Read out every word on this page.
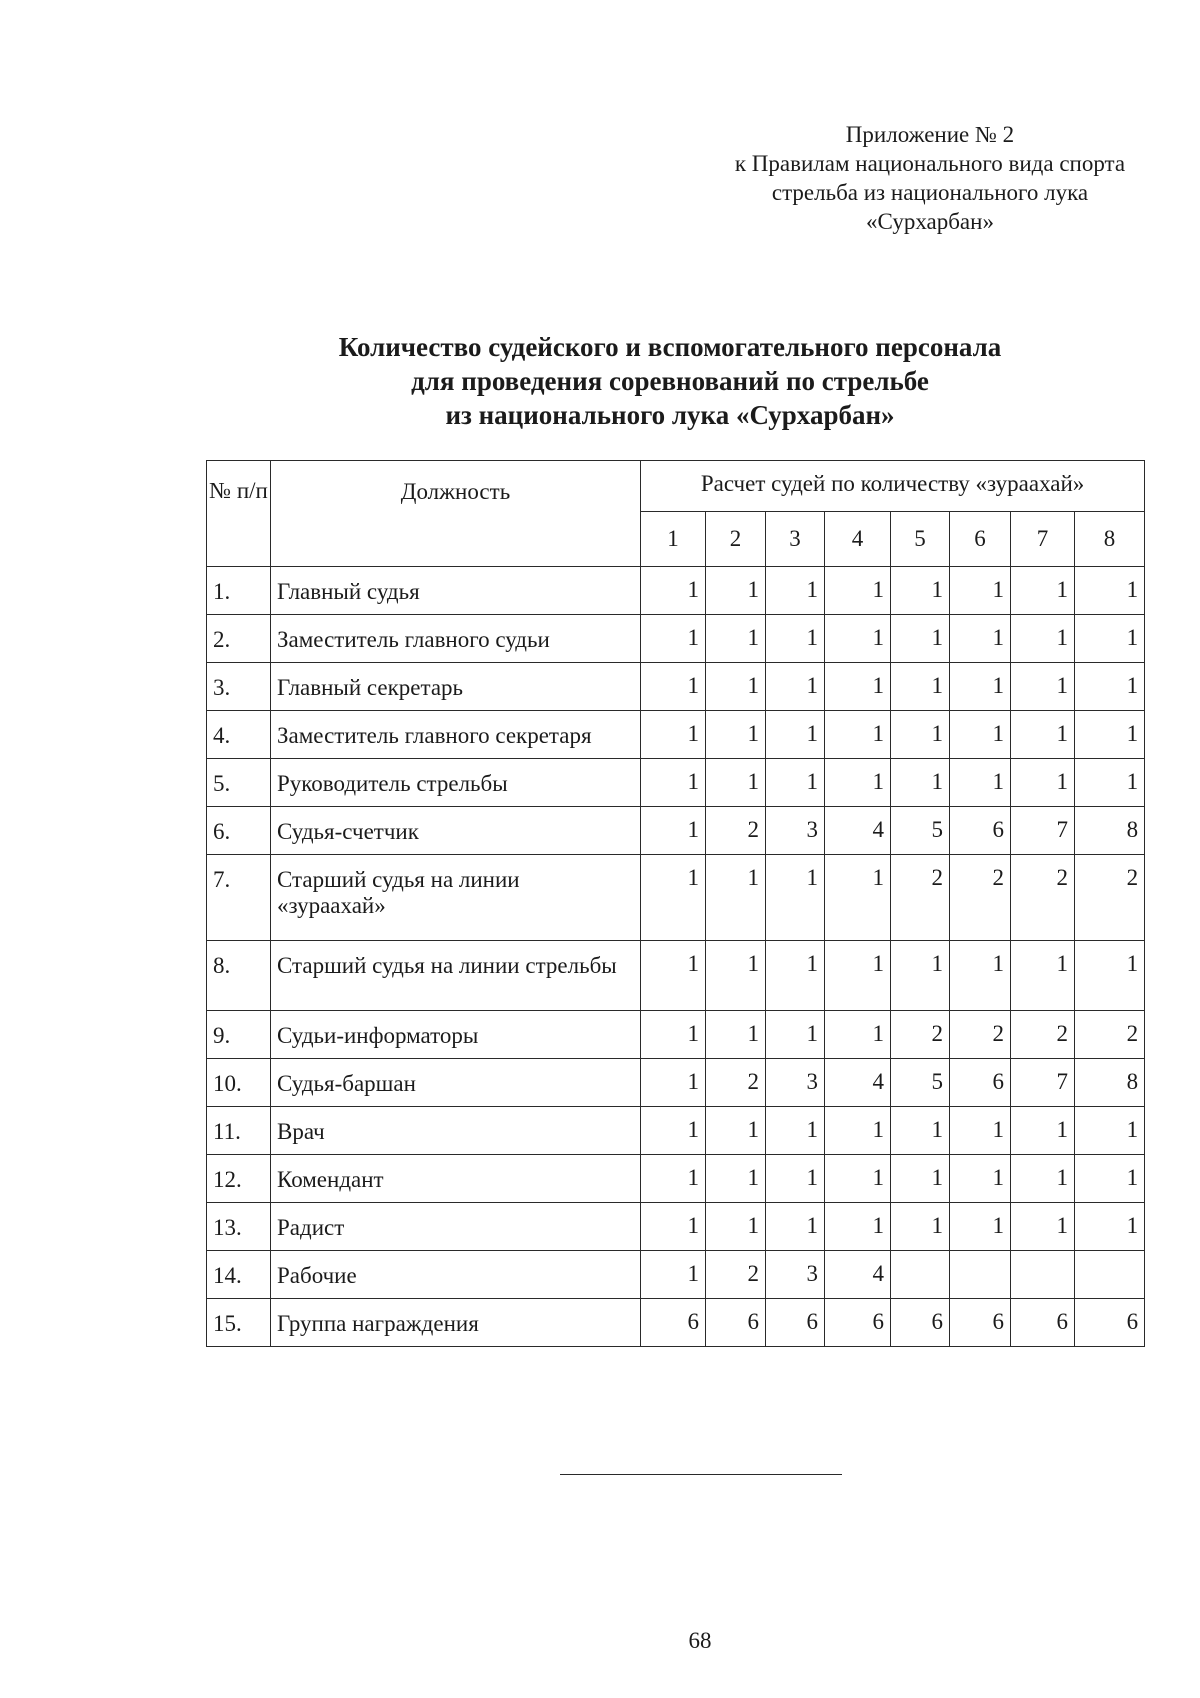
Приложение № 2
к Правилам национального вида спорта
стрельба из национального лука
«Сурхарбан»
Количество судейского и вспомогательного персонала
для проведения соревнований по стрельбе
из национального лука «Сурхарбан»
№ п/п	Должность	Расчет судей по количеству «зураахай»							
		1	2	3	4	5	6	7	8
1.	Главный судья	1	1	1	1	1	1	1	1
2.	Заместитель главного судьи	1	1	1	1	1	1	1	1
3.	Главный секретарь	1	1	1	1	1	1	1	1
4.	Заместитель главного секретаря	1	1	1	1	1	1	1	1
5.	Руководитель стрельбы	1	1	1	1	1	1	1	1
6.	Судья-счетчик	1	2	3	4	5	6	7	8
7.	Старший судья на линии «зураахай»	1	1	1	1	2	2	2	2
8.	Старший судья на линии стрельбы	1	1	1	1	1	1	1	1
9.	Судьи-информаторы	1	1	1	1	2	2	2	2
10.	Судья-баршан	1	2	3	4	5	6	7	8
11.	Врач	1	1	1	1	1	1	1	1
12.	Комендант	1	1	1	1	1	1	1	1
13.	Радист	1	1	1	1	1	1	1	1
14.	Рабочие	1	2	3	4				
15.	Группа награждения	6	6	6	6	6	6	6	6
68
